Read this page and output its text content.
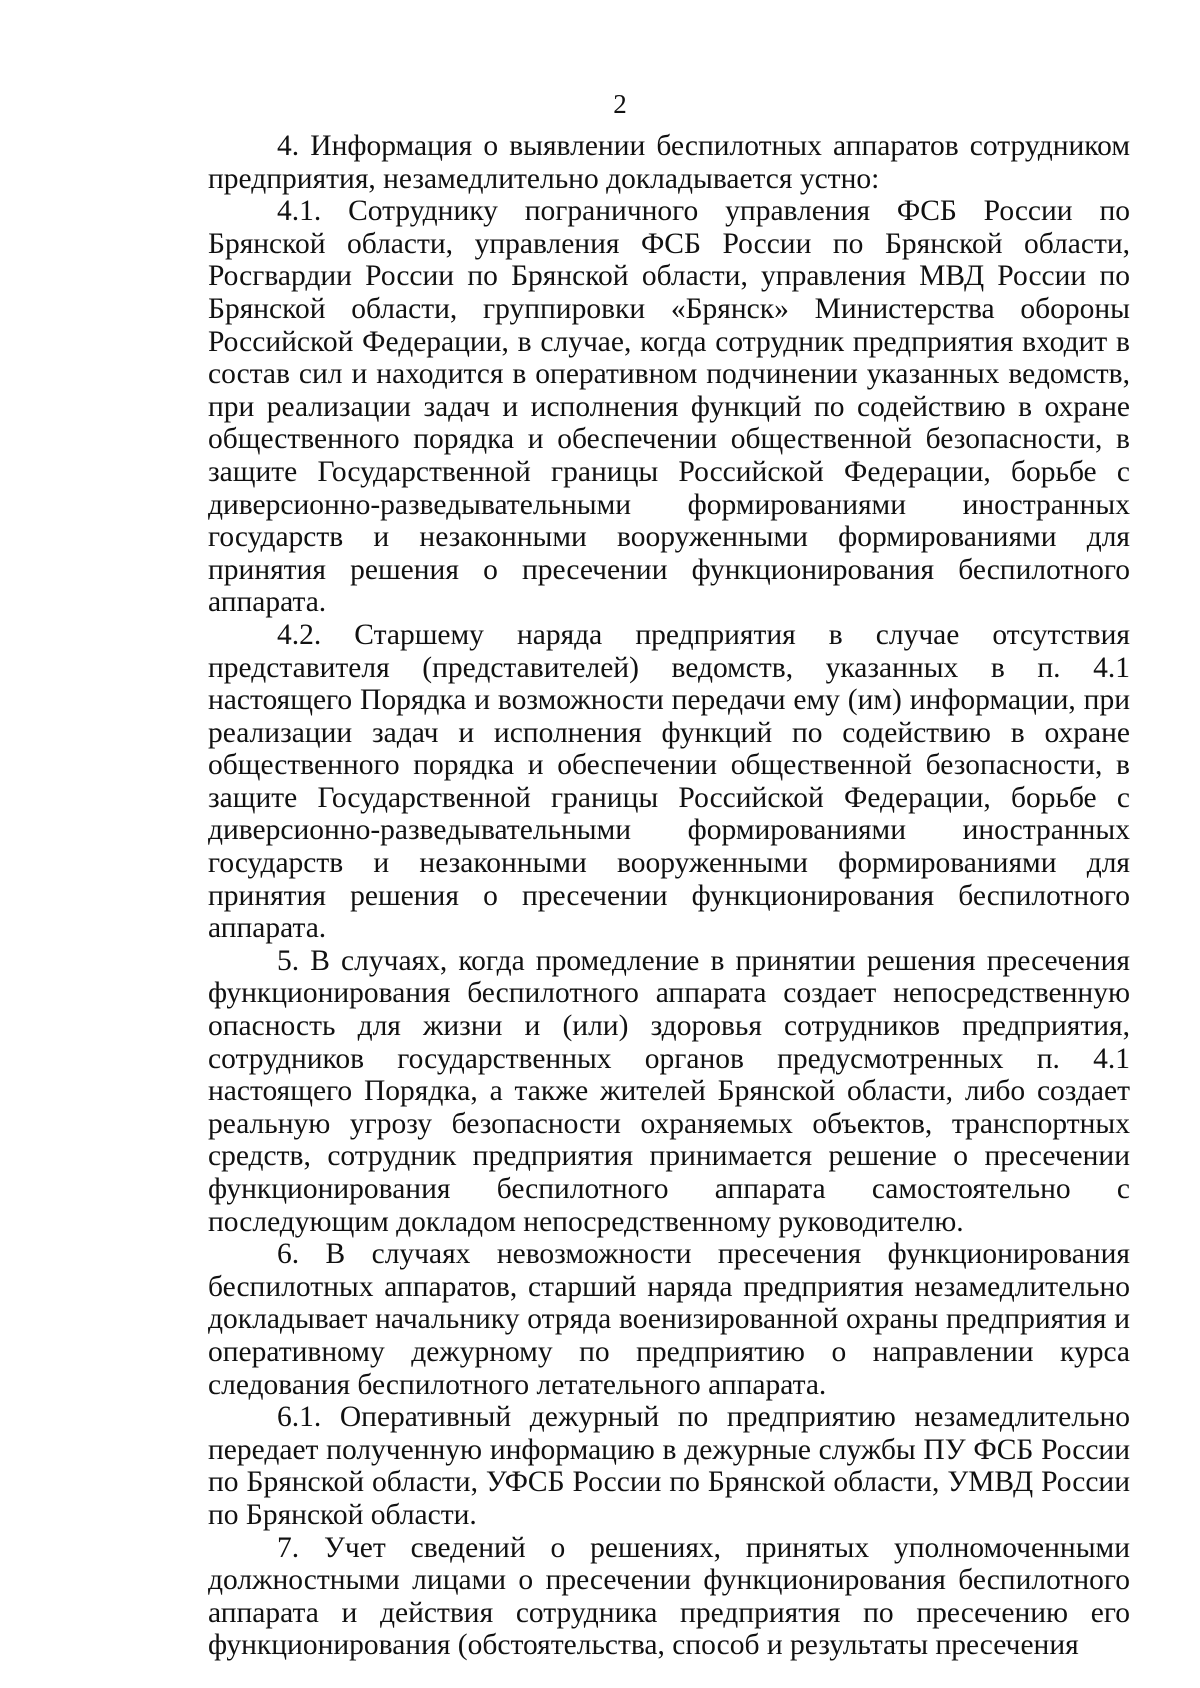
2

4. Информация о выявлении беспилотных аппаратов сотрудником предприятия, незамедлительно докладывается устно:

4.1. Сотруднику пограничного управления ФСБ России по Брянской области, управления ФСБ России по Брянской области, Росгвардии России по Брянской области, управления МВД России по Брянской области, группировки «Брянск» Министерства обороны Российской Федерации, в случае, когда сотрудник предприятия входит в состав сил и находится в оперативном подчинении указанных ведомств, при реализации задач и исполнения функций по содействию в охране общественного порядка и обеспечении общественной безопасности, в защите Государственной границы Российской Федерации, борьбе с диверсионно-разведывательными формированиями иностранных государств и незаконными вооруженными формированиями для принятия решения о пресечении функционирования беспилотного аппарата.

4.2. Старшему наряда предприятия в случае отсутствия представителя (представителей) ведомств, указанных в п. 4.1 настоящего Порядка и возможности передачи ему (им) информации, при реализации задач и исполнения функций по содействию в охране общественного порядка и обеспечении общественной безопасности, в защите Государственной границы Российской Федерации, борьбе с диверсионно-разведывательными формированиями иностранных государств и незаконными вооруженными формированиями для принятия решения о пресечении функционирования беспилотного аппарата.

5. В случаях, когда промедление в принятии решения пресечения функционирования беспилотного аппарата создает непосредственную опасность для жизни и (или) здоровья сотрудников предприятия, сотрудников государственных органов предусмотренных п. 4.1 настоящего Порядка, а также жителей Брянской области, либо создает реальную угрозу безопасности охраняемых объектов, транспортных средств, сотрудник предприятия принимается решение о пресечении функционирования беспилотного аппарата самостоятельно с последующим докладом непосредственному руководителю.

6. В случаях невозможности пресечения функционирования беспилотных аппаратов, старший наряда предприятия незамедлительно докладывает начальнику отряда военизированной охраны предприятия и оперативному дежурному по предприятию о направлении курса следования беспилотного летательного аппарата.

6.1. Оперативный дежурный по предприятию незамедлительно передает полученную информацию в дежурные службы ПУ ФСБ России по Брянской области, УФСБ России по Брянской области, УМВД России по Брянской области.

7. Учет сведений о решениях, принятых уполномоченными должностными лицами о пресечении функционирования беспилотного аппарата и действия сотрудника предприятия по пресечению его функционирования (обстоятельства, способ и результаты пресечения
